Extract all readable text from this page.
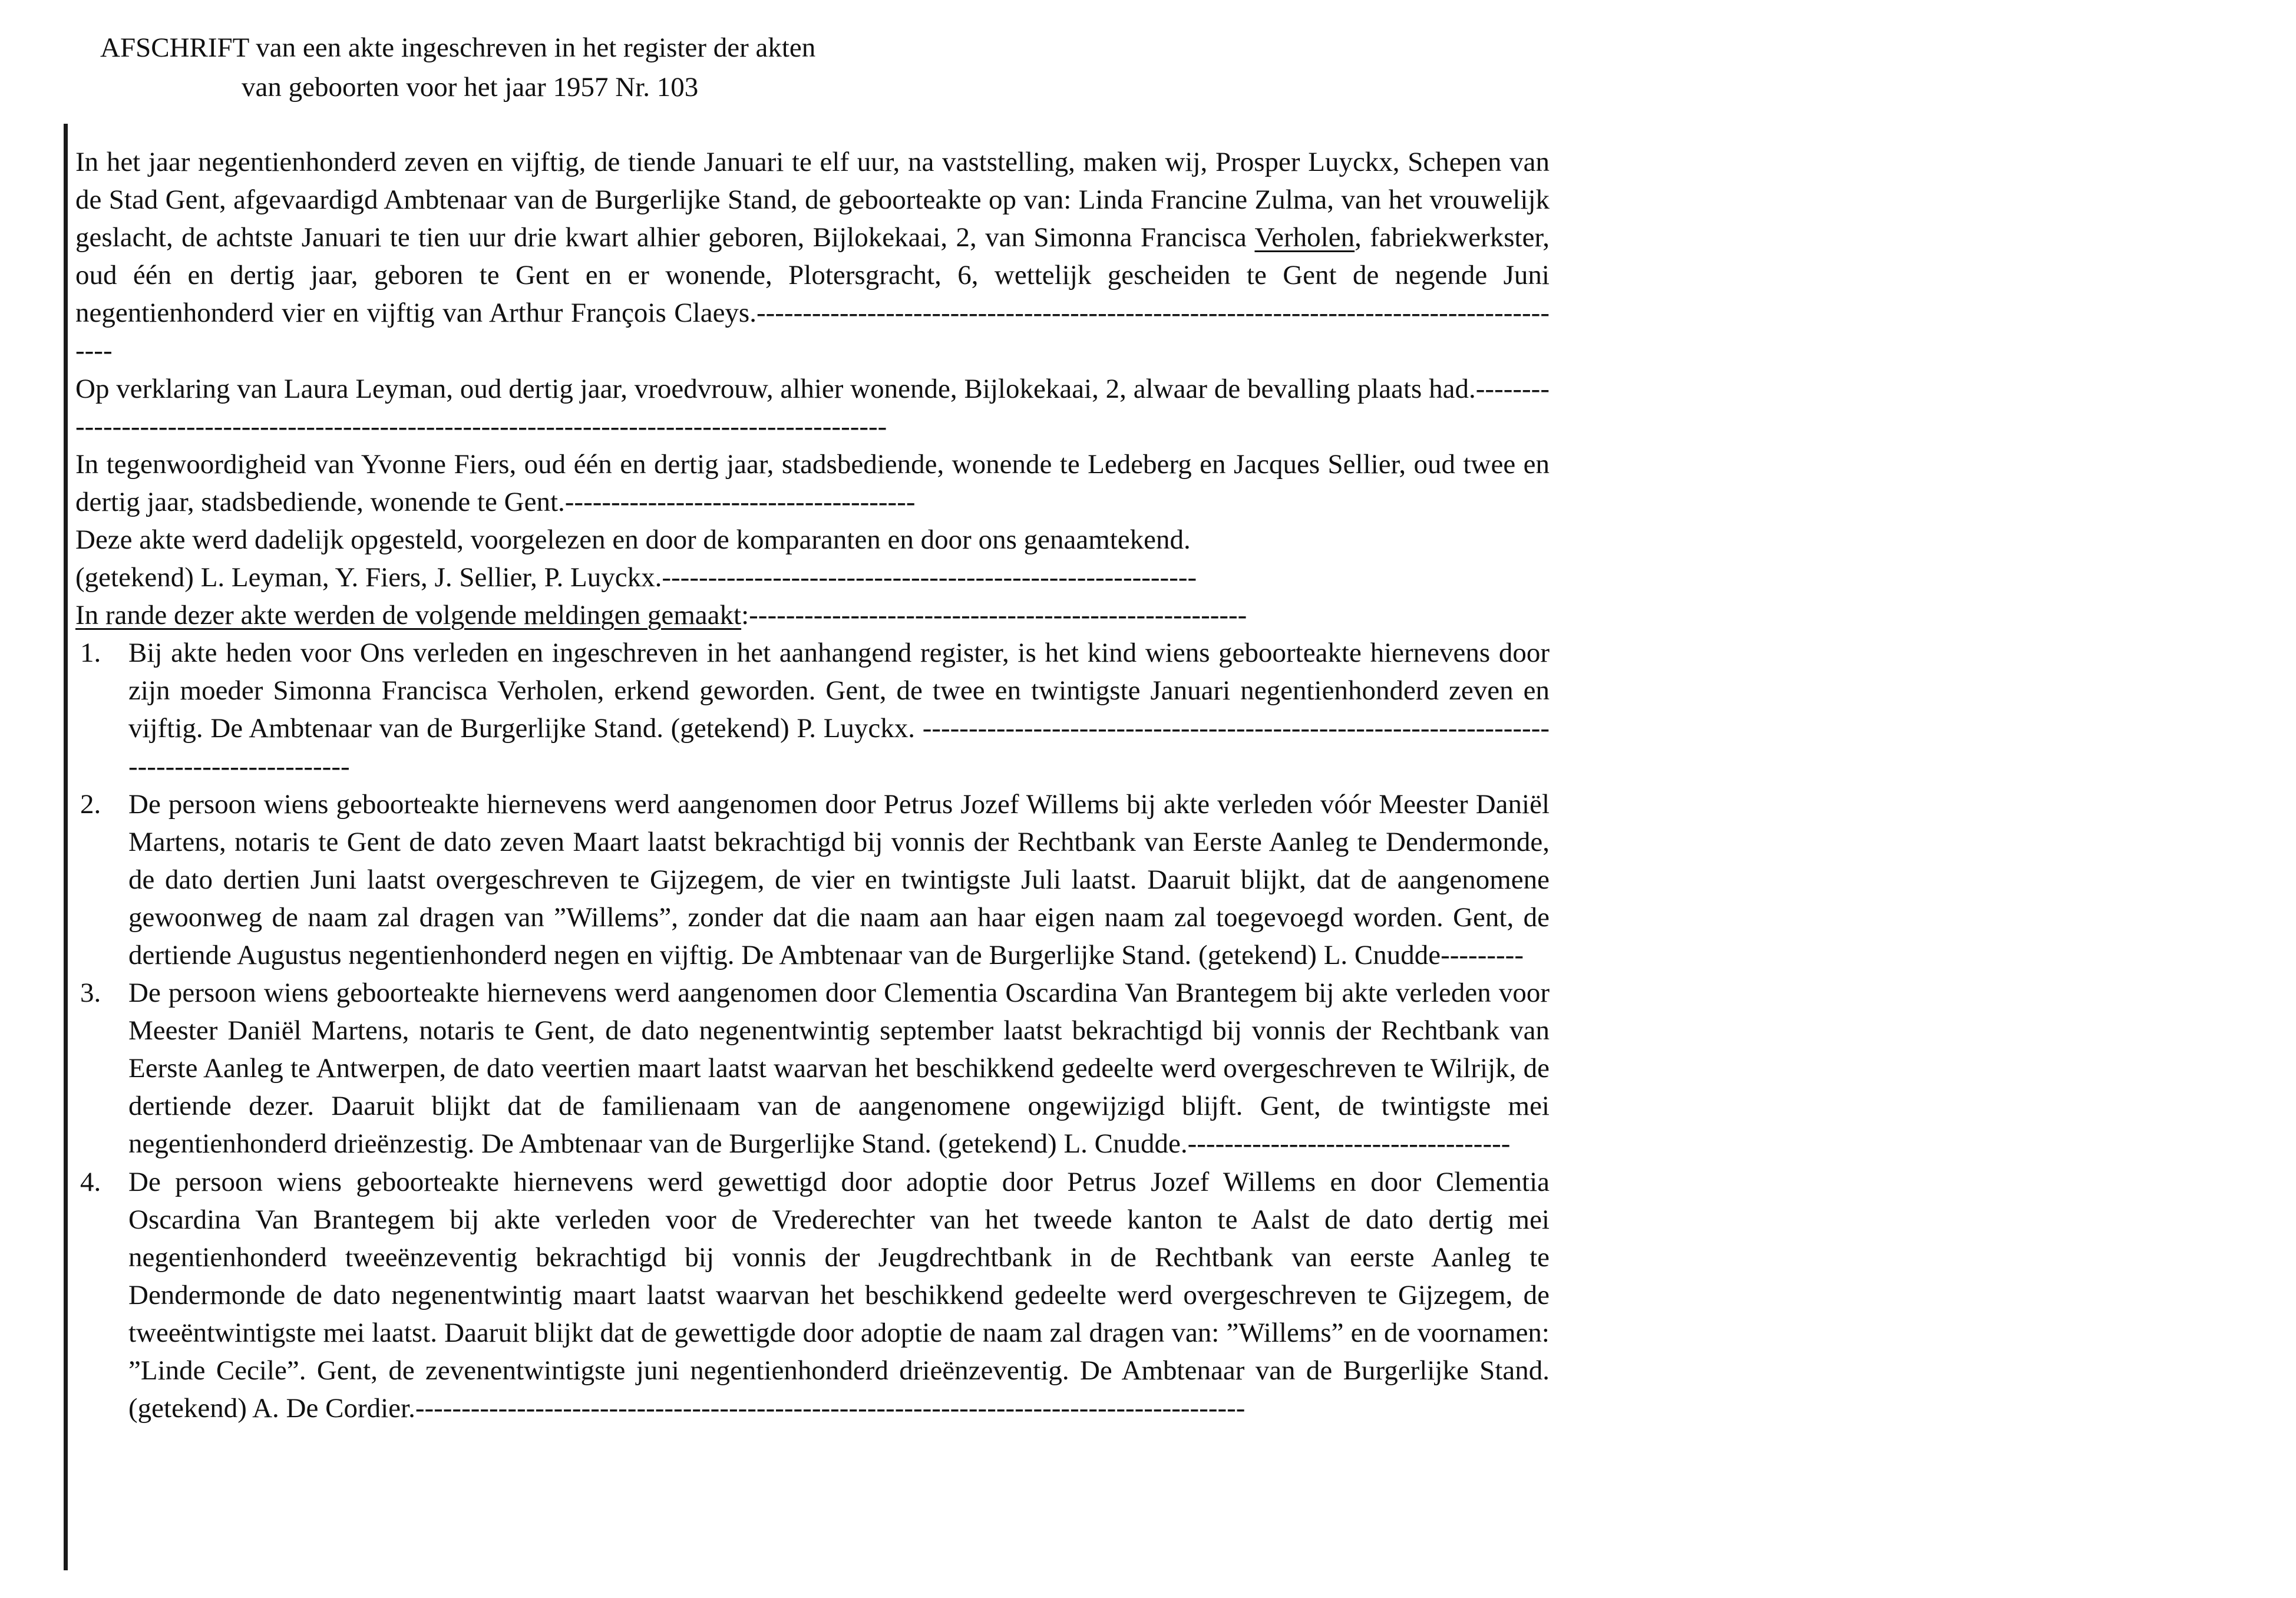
AFSCHRIFT van een akte ingeschreven in het register der akten

van geboorten voor het jaar 1957 Nr. 103

In het jaar negentienhonderd zeven en vijftig, de tiende Januari te elf uur, na vaststelling, maken wij, Prosper Luyckx, Schepen van de Stad Gent, afgevaardigd Ambtenaar van de Burgerlijke Stand, de geboorteakte op van: Linda Francine Zulma, van het vrouwelijk geslacht, de achtste Januari te tien uur drie kwart alhier geboren, Bijlokekaai, 2, van Simonna Francisca Verholen, fabriekwerkster, oud één en dertig jaar, geboren te Gent en er wonende, Plotersgracht, 6, wettelijk gescheiden te Gent de negende Juni negentienhonderd vier en vijftig van Arthur François Claeys.------------------------------------------------------------------------------------------

Op verklaring van Laura Leyman, oud dertig jaar, vroedvrouw, alhier wonende, Bijlokekaai, 2, alwaar de bevalling plaats had.------------------------------------------------------------------------------------------------

In tegenwoordigheid van Yvonne Fiers, oud één en dertig jaar, stadsbediende, wonende te Ledeberg en Jacques Sellier, oud twee en dertig jaar, stadsbediende, wonende te Gent.--------------------------------------

Deze akte werd dadelijk opgesteld, voorgelezen en door de komparanten en door ons genaamtekend.

(getekend) L. Leyman, Y. Fiers, J. Sellier, P. Luyckx.----------------------------------------------------------

In rande dezer akte werden de volgende meldingen gemaakt:------------------------------------------------------

1. Bij akte heden voor Ons verleden en ingeschreven in het aanhangend register, is het kind wiens geboorteakte hiernevens door zijn moeder Simonna Francisca Verholen, erkend geworden. Gent, de twee en twintigste Januari negentienhonderd zeven en vijftig. De Ambtenaar van de Burgerlijke Stand. (getekend) P. Luyckx. --------------------------------------------------------------------------------------------
2. De persoon wiens geboorteakte hiernevens werd aangenomen door Petrus Jozef Willems bij akte verleden vóór Meester Daniël Martens, notaris te Gent de dato zeven Maart laatst bekrachtigd bij vonnis der Rechtbank van Eerste Aanleg te Dendermonde, de dato dertien Juni laatst overgeschreven te Gijzegem, de vier en twintigste Juli laatst. Daaruit blijkt, dat de aangenomene gewoonweg de naam zal dragen van ”Willems”, zonder dat die naam aan haar eigen naam zal toegevoegd worden. Gent, de dertiende Augustus negentienhonderd negen en vijftig. De Ambtenaar van de Burgerlijke Stand. (getekend) L. Cnudde---------
3. De persoon wiens geboorteakte hiernevens werd aangenomen door Clementia Oscardina Van Brantegem bij akte verleden voor Meester Daniël Martens, notaris te Gent, de dato negenentwintig september laatst bekrachtigd bij vonnis der Rechtbank van Eerste Aanleg te Antwerpen, de dato veertien maart laatst waarvan het beschikkend gedeelte werd overgeschreven te Wilrijk, de dertiende dezer. Daaruit blijkt dat de familienaam van de aangenomene ongewijzigd blijft. Gent, de twintigste mei negentienhonderd drieënzestig. De Ambtenaar van de Burgerlijke Stand. (getekend) L. Cnudde.-----------------------------------
4. De persoon wiens geboorteakte hiernevens werd gewettigd door adoptie door Petrus Jozef Willems en door Clementia Oscardina Van Brantegem bij akte verleden voor de Vrederechter van het tweede kanton te Aalst de dato dertig mei negentienhonderd tweeënzeventig bekrachtigd bij vonnis der Jeugdrechtbank in de Rechtbank van eerste Aanleg te Dendermonde de dato negenentwintig maart laatst waarvan het beschikkend gedeelte werd overgeschreven te Gijzegem, de tweeëntwintigste mei laatst. Daaruit blijkt dat de gewettigde door adoptie de naam zal dragen van: ”Willems” en de voornamen: ”Linde Cecile”. Gent, de zevenentwintigste juni negentienhonderd drieënzeventig. De Ambtenaar van de Burgerlijke Stand. (getekend) A. De Cordier.------------------------------------------------------------------------------------------
